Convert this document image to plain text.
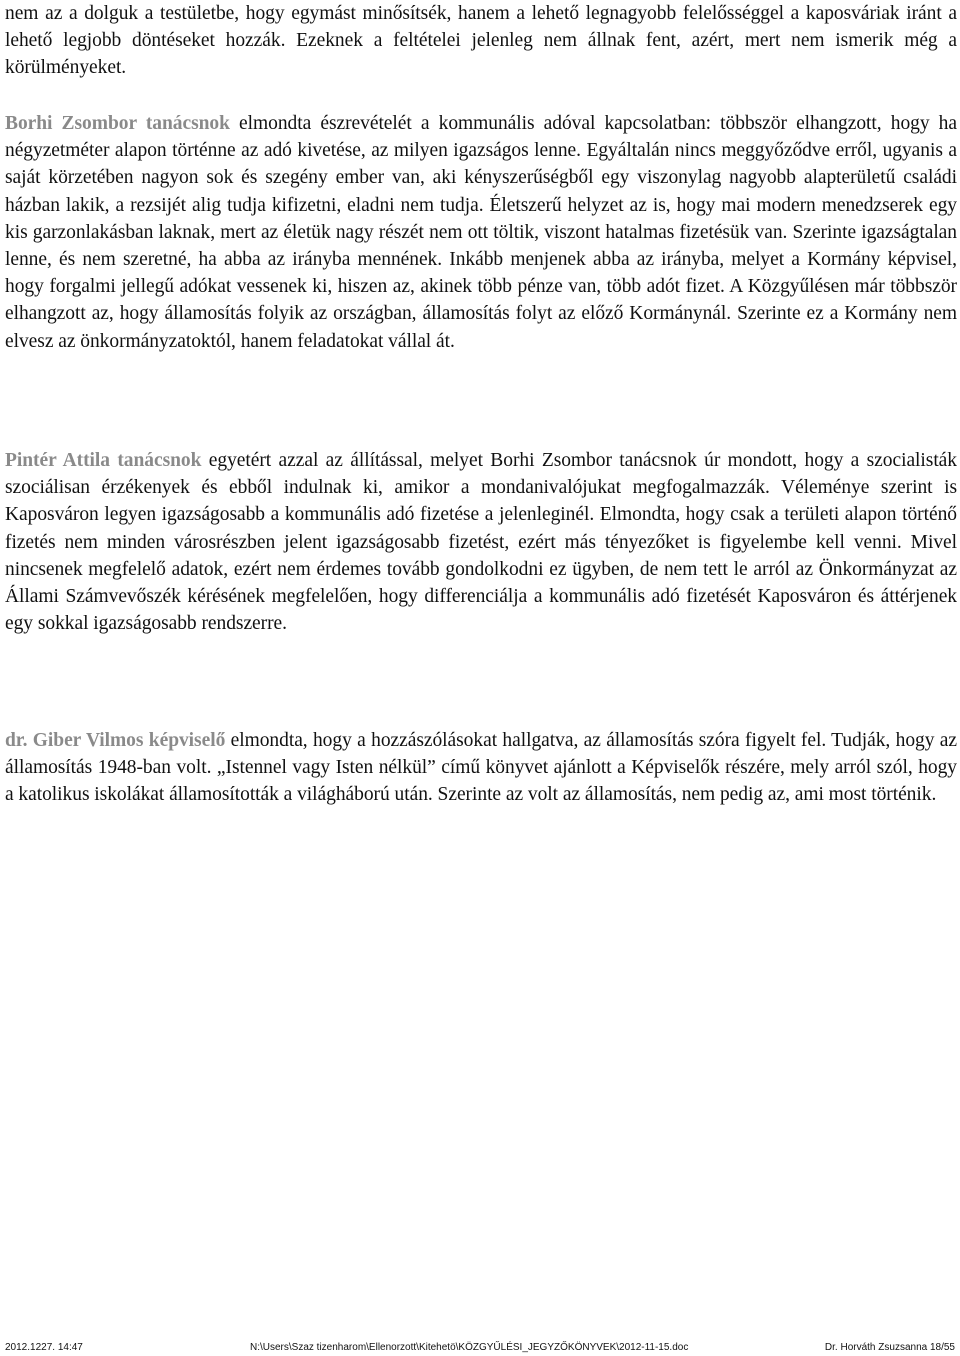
nem az a dolguk a testületbe, hogy egymást minősítsék, hanem a lehető legnagyobb felelősséggel a kaposváriak iránt a lehető legjobb döntéseket hozzák. Ezeknek a feltételei jelenleg nem állnak fent, azért, mert nem ismerik még a körülményeket.

Borhi Zsombor tanácsnok elmondta észrevételét a kommunális adóval kapcsolatban: többször elhangzott, hogy ha négyzetméter alapon történne az adó kivetése, az milyen igazságos lenne. Egyáltalán nincs meggyőződve erről, ugyanis a saját körzetében nagyon sok és szegény ember van, aki kényszerűségből egy viszonylag nagyobb alapterületű családi házban lakik, a rezsijét alig tudja kifizetni, eladni nem tudja. Életszerű helyzet az is, hogy mai modern menedzserek egy kis garzonlakásban laknak, mert az életük nagy részét nem ott töltik, viszont hatalmas fizetésük van. Szerinte igazságtalan lenne, és nem szeretné, ha abba az irányba mennének. Inkább menjenek abba az irányba, melyet a Kormány képvisel, hogy forgalmi jellegű adókat vessenek ki, hiszen az, akinek több pénze van, több adót fizet. A Közgyűlésen már többször elhangzott az, hogy államosítás folyik az országban, államosítás folyt az előző Kormánynál. Szerinte ez a Kormány nem elvesz az önkormányzatoktól, hanem feladatokat vállal át.

Pintér Attila tanácsnok egyetért azzal az állítással, melyet Borhi Zsombor tanácsnok úr mondott, hogy a szocialisták szociálisan érzékenyek és ebből indulnak ki, amikor a mondanivalójukat megfogalmazzák. Véleménye szerint is Kaposváron legyen igazságosabb a kommunális adó fizetése a jelenleginél. Elmondta, hogy csak a területi alapon történő fizetés nem minden városrészben jelent igazságosabb fizetést, ezért más tényezőket is figyelembe kell venni. Mivel nincsenek megfelelő adatok, ezért nem érdemes tovább gondolkodni ez ügyben, de nem tett le arról az Önkormányzat az Állami Számvevőszék kérésének megfelelően, hogy differenciálja a kommunális adó fizetését Kaposváron és áttérjenek egy sokkal igazságosabb rendszerre.

dr. Giber Vilmos képviselő elmondta, hogy a hozzászólásokat hallgatva, az államosítás szóra figyelt fel. Tudják, hogy az államosítás 1948-ban volt. „Istennel vagy Isten nélkül” című könyvet ajánlott a Képviselők részére, mely arról szól, hogy a katolikus iskolákat államosították a világháború után. Szerinte az volt az államosítás, nem pedig az, ami most történik.

2012.1227. 14:47	N:\Users\Szaz tizenharom\Ellenorzott\Kitehetö\KÖZGYŰLÉSI_JEGYZŐKÖNYVEK\2012-11-15.doc	Dr. Horváth Zsuzsanna 18/55
